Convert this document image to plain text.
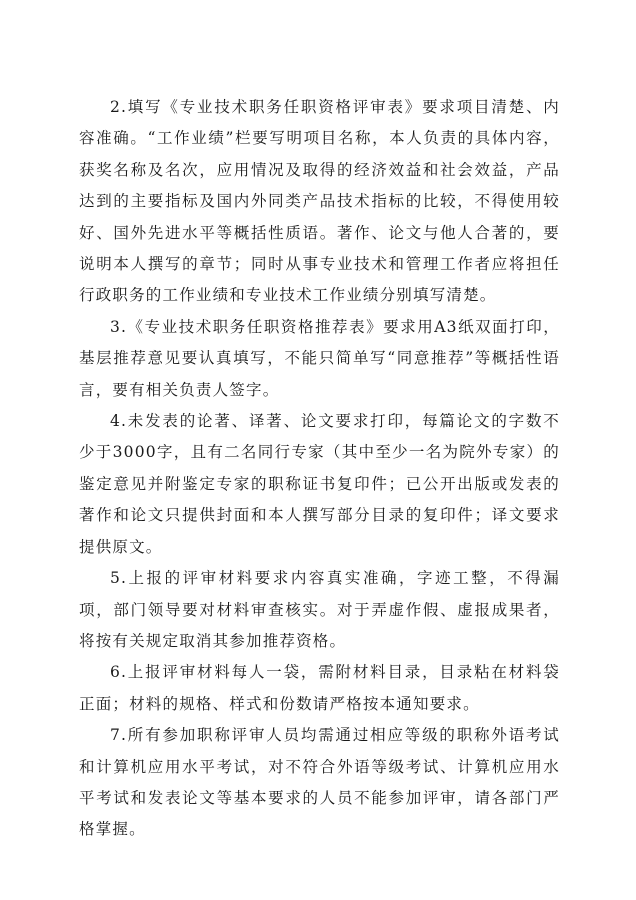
2.填写《专业技术职务任职资格评审表》要求项目清楚、内容准确。“工作业绩”栏要写明项目名称，本人负责的具体内容，获奖名称及名次，应用情况及取得的经济效益和社会效益，产品达到的主要指标及国内外同类产品技术指标的比较，不得使用较好、国外先进水平等概括性质语。著作、论文与他人合著的，要说明本人撰写的章节；同时从事专业技术和管理工作者应将担任行政职务的工作业绩和专业技术工作业绩分别填写清楚。

3.《专业技术职务任职资格推荐表》要求用A3纸双面打印，基层推荐意见要认真填写，不能只简单写“同意推荐”等概括性语言，要有相关负责人签字。

4.未发表的论著、译著、论文要求打印，每篇论文的字数不少于3000字，且有二名同行专家（其中至少一名为院外专家）的鉴定意见并附鉴定专家的职称证书复印件；已公开出版或发表的著作和论文只提供封面和本人撰写部分目录的复印件；译文要求提供原文。

5.上报的评审材料要求内容真实准确，字迹工整，不得漏项，部门领导要对材料审查核实。对于弄虚作假、虚报成果者，将按有关规定取消其参加推荐资格。

6.上报评审材料每人一袋，需附材料目录，目录粘在材料袋正面；材料的规格、样式和份数请严格按本通知要求。

7.所有参加职称评审人员均需通过相应等级的职称外语考试和计算机应用水平考试，对不符合外语等级考试、计算机应用水平考试和发表论文等基本要求的人员不能参加评审，请各部门严格掌握。
